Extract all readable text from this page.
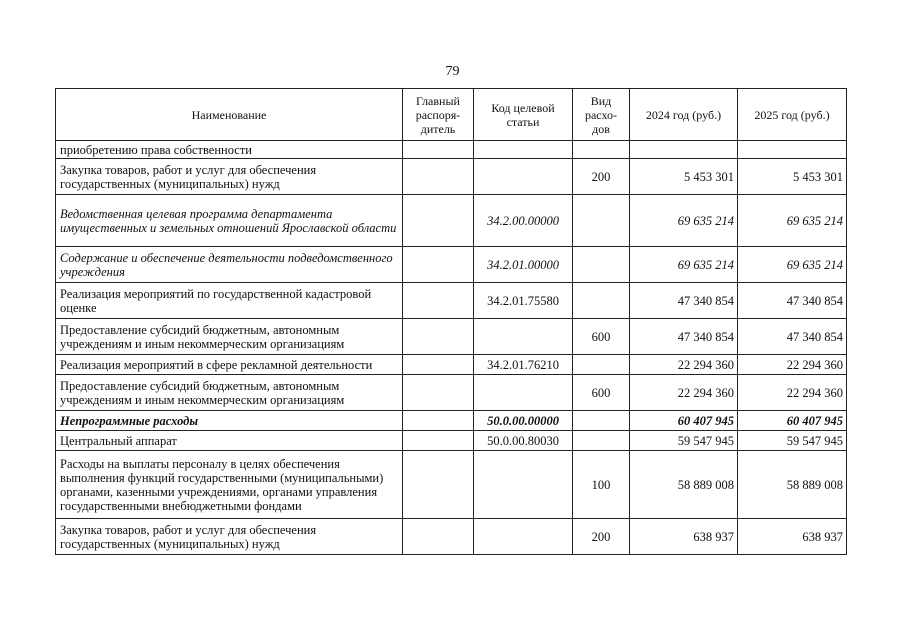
79
Наименование	Главный распоря-дитель	Код целевой статьи	Вид расхо-дов	2024 год (руб.)	2025 год (руб.)
приобретению права собственности					
Закупка товаров, работ и услуг для обеспечения государственных (муниципальных) нужд			200	5 453 301	5 453 301
Ведомственная целевая программа департамента имущественных и земельных отношений Ярославской области		34.2.00.00000		69 635 214	69 635 214
Содержание и обеспечение деятельности подведомственного учреждения		34.2.01.00000		69 635 214	69 635 214
Реализация мероприятий по государственной кадастровой оценке		34.2.01.75580		47 340 854	47 340 854
Предоставление субсидий бюджетным, автономным учреждениям и иным некоммерческим организациям			600	47 340 854	47 340 854
Реализация мероприятий в сфере рекламной деятельности		34.2.01.76210		22 294 360	22 294 360
Предоставление субсидий бюджетным, автономным учреждениям и иным некоммерческим организациям			600	22 294 360	22 294 360
Непрограммные расходы		50.0.00.00000		60 407 945	60 407 945
Центральный аппарат		50.0.00.80030		59 547 945	59 547 945
Расходы на выплаты персоналу в целях обеспечения выполнения функций государственными (муниципальными) органами, казенными учреждениями, органами управления государственными внебюджетными фондами			100	58 889 008	58 889 008
Закупка товаров, работ и услуг для обеспечения государственных (муниципальных) нужд			200	638 937	638 937
